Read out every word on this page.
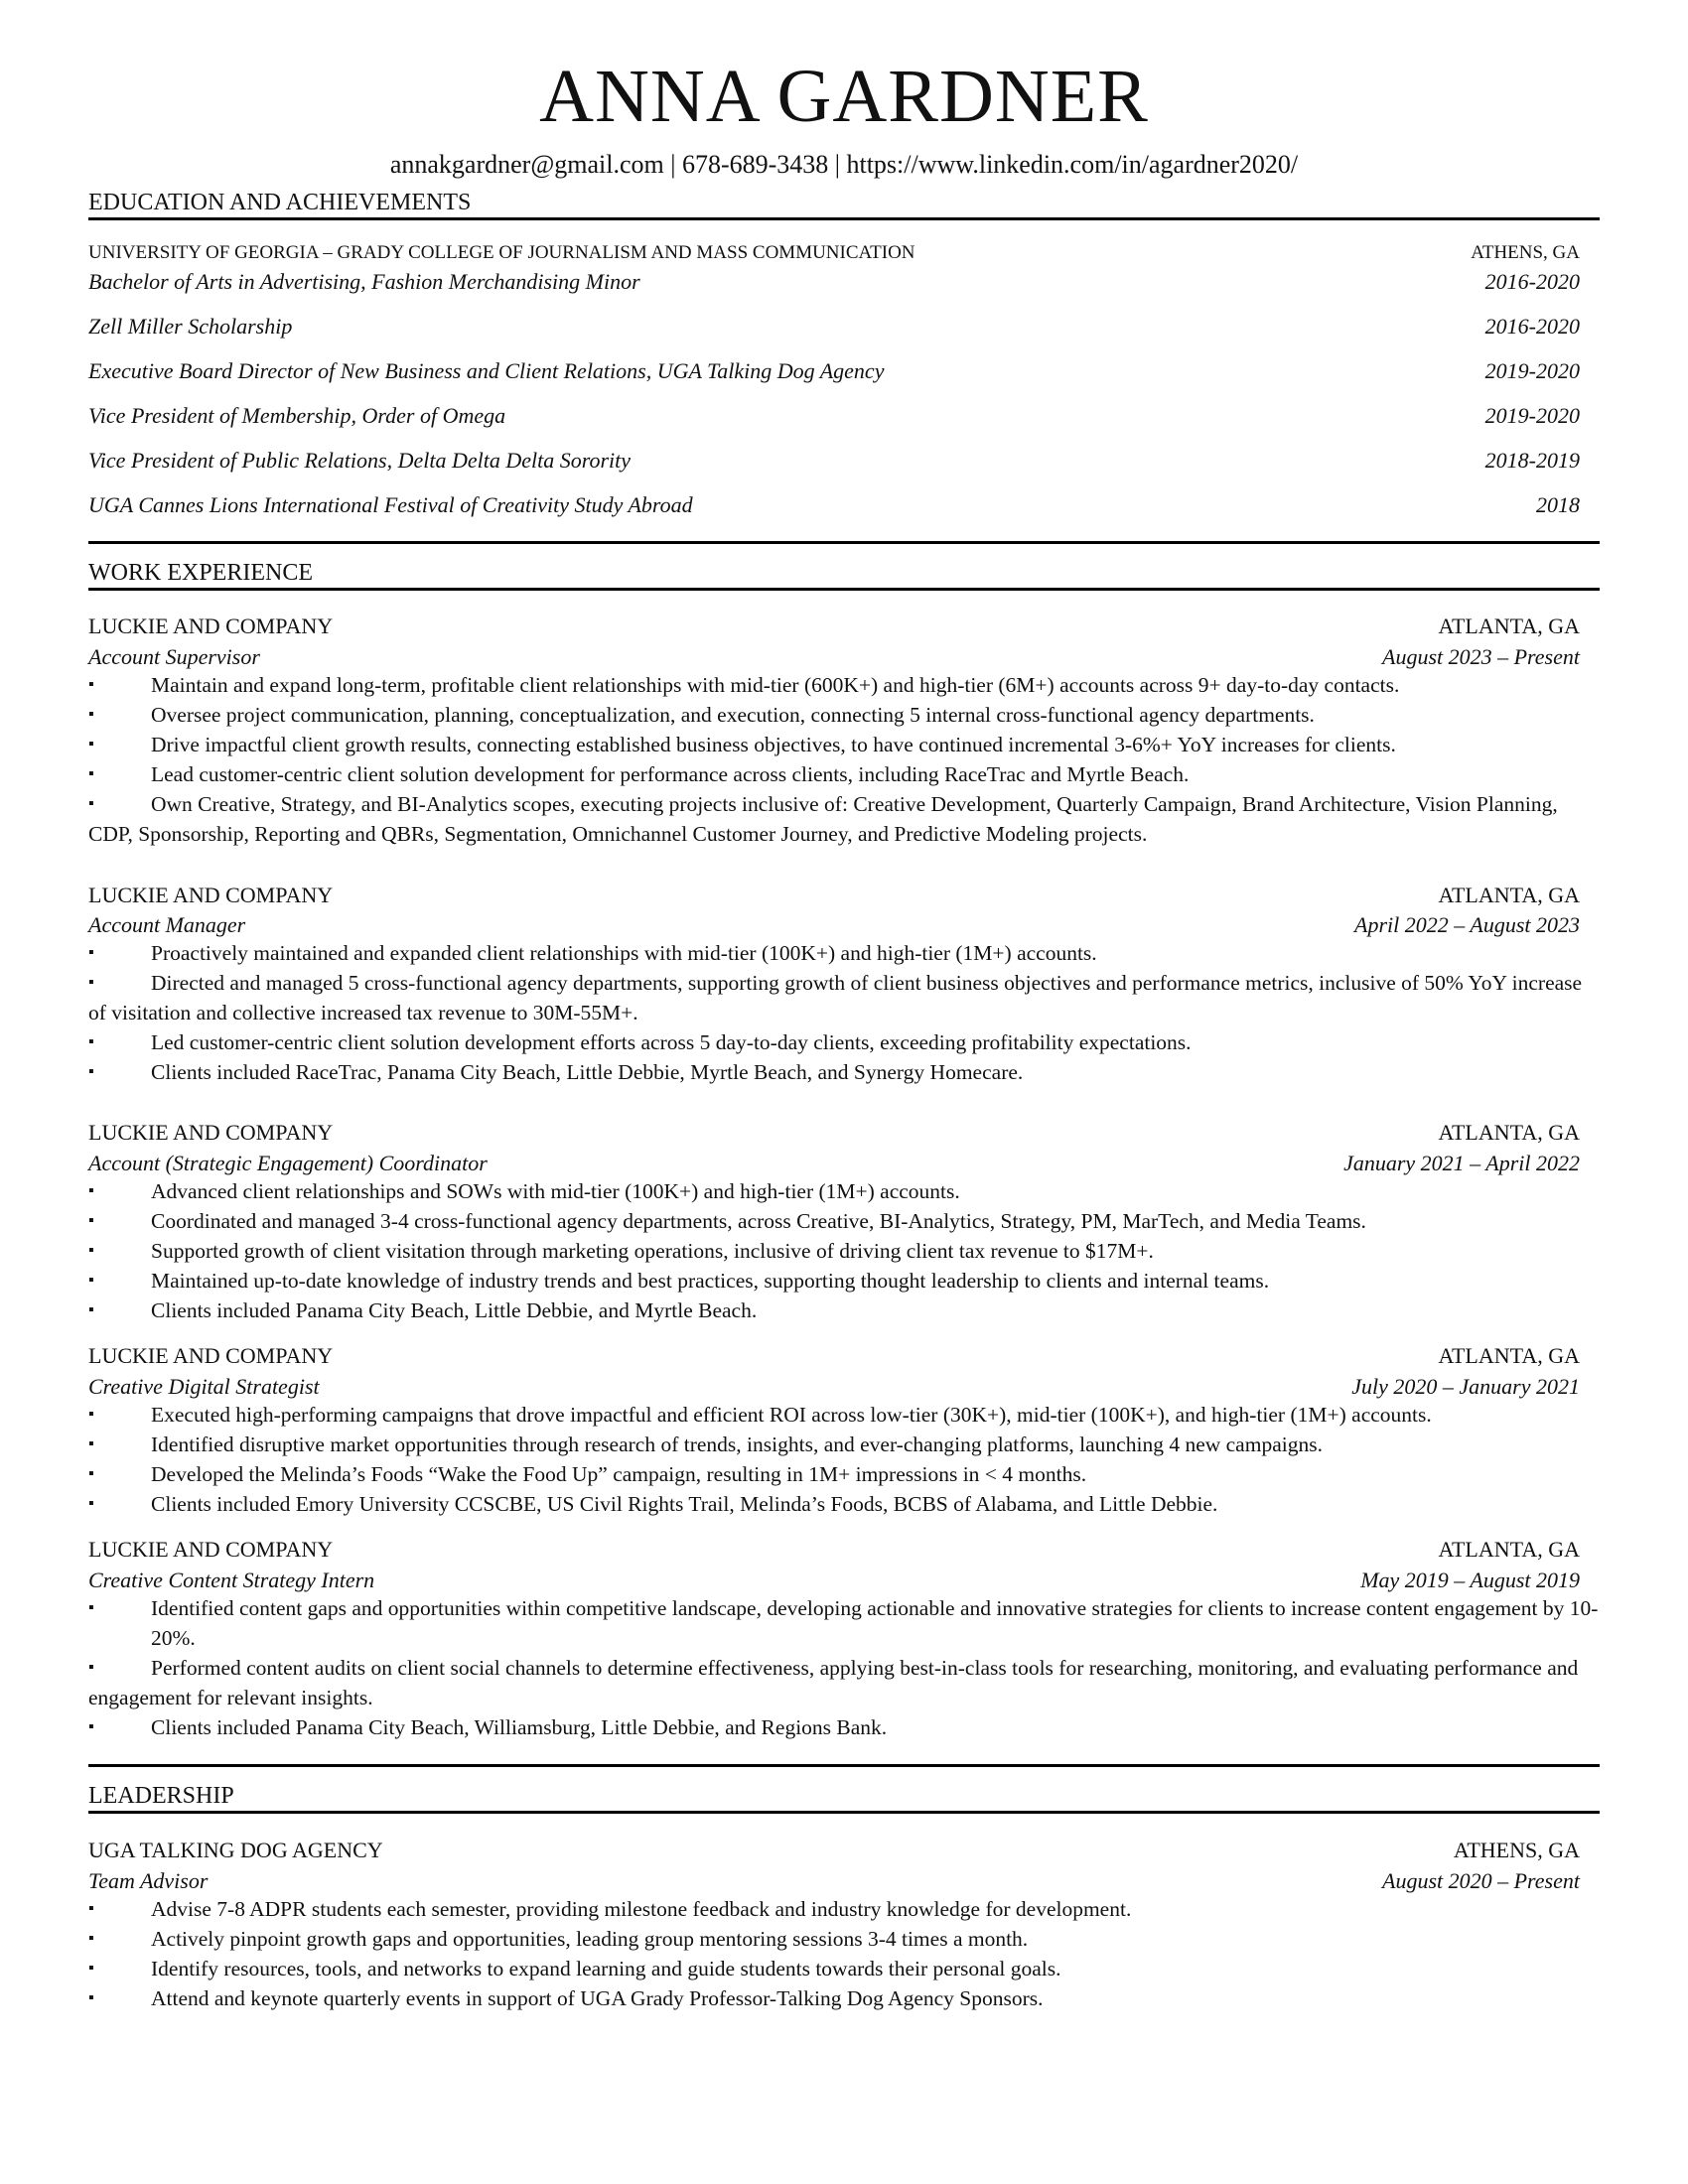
ANNA GARDNER
annakgardner@gmail.com | 678-689-3438 | https://www.linkedin.com/in/agardner2020/
EDUCATION AND ACHIEVEMENTS
UNIVERSITY OF GEORGIA – GRADY COLLEGE OF JOURNALISM AND MASS COMMUNICATION	ATHENS, GA
Bachelor of Arts in Advertising, Fashion Merchandising Minor	2016-2020
Zell Miller Scholarship	2016-2020
Executive Board Director of New Business and Client Relations, UGA Talking Dog Agency	2019-2020
Vice President of Membership, Order of Omega	2019-2020
Vice President of Public Relations, Delta Delta Delta Sorority	2018-2019
UGA Cannes Lions International Festival of Creativity Study Abroad	2018
WORK EXPERIENCE
LUCKIE AND COMPANY	ATLANTA, GA
Account Supervisor	August 2023 – Present
▪	Maintain and expand long-term, profitable client relationships with mid-tier (600K+) and high-tier (6M+) accounts across 9+ day-to-day contacts.
▪	Oversee project communication, planning, conceptualization, and execution, connecting 5 internal cross-functional agency departments.
▪	Drive impactful client growth results, connecting established business objectives, to have continued incremental 3-6%+ YoY increases for clients.
▪	Lead customer-centric client solution development for performance across clients, including RaceTrac and Myrtle Beach.
▪	Own Creative, Strategy, and BI-Analytics scopes, executing projects inclusive of: Creative Development, Quarterly Campaign, Brand Architecture, Vision Planning, CDP, Sponsorship, Reporting and QBRs, Segmentation, Omnichannel Customer Journey, and Predictive Modeling projects.
LUCKIE AND COMPANY	ATLANTA, GA
Account Manager	April 2022 – August 2023
▪	Proactively maintained and expanded client relationships with mid-tier (100K+) and high-tier (1M+) accounts.
▪	Directed and managed 5 cross-functional agency departments, supporting growth of client business objectives and performance metrics, inclusive of 50% YoY increase of visitation and collective increased tax revenue to 30M-55M+.
▪	Led customer-centric client solution development efforts across 5 day-to-day clients, exceeding profitability expectations.
▪	Clients included RaceTrac, Panama City Beach, Little Debbie, Myrtle Beach, and Synergy Homecare.
LUCKIE AND COMPANY	ATLANTA, GA
Account (Strategic Engagement) Coordinator	January 2021 – April 2022
▪	Advanced client relationships and SOWs with mid-tier (100K+) and high-tier (1M+) accounts.
▪	Coordinated and managed 3-4 cross-functional agency departments, across Creative, BI-Analytics, Strategy, PM, MarTech, and Media Teams.
▪	Supported growth of client visitation through marketing operations, inclusive of driving client tax revenue to $17M+.
▪	Maintained up-to-date knowledge of industry trends and best practices, supporting thought leadership to clients and internal teams.
▪	Clients included Panama City Beach, Little Debbie, and Myrtle Beach.
LUCKIE AND COMPANY	ATLANTA, GA
Creative Digital Strategist	July 2020 – January 2021
▪	Executed high-performing campaigns that drove impactful and efficient ROI across low-tier (30K+), mid-tier (100K+), and high-tier (1M+) accounts.
▪	Identified disruptive market opportunities through research of trends, insights, and ever-changing platforms, launching 4 new campaigns.
▪	Developed the Melinda’s Foods “Wake the Food Up” campaign, resulting in 1M+ impressions in < 4 months.
▪	Clients included Emory University CCSCBE, US Civil Rights Trail, Melinda’s Foods, BCBS of Alabama, and Little Debbie.
LUCKIE AND COMPANY	ATLANTA, GA
Creative Content Strategy Intern	May 2019 – August 2019
▪	Identified content gaps and opportunities within competitive landscape, developing actionable and innovative strategies for clients to increase content engagement by 10-20%.
▪	Performed content audits on client social channels to determine effectiveness, applying best-in-class tools for researching, monitoring, and evaluating performance and engagement for relevant insights.
▪	Clients included Panama City Beach, Williamsburg, Little Debbie, and Regions Bank.
LEADERSHIP
UGA TALKING DOG AGENCY	ATHENS, GA
Team Advisor	August 2020 – Present
▪	Advise 7-8 ADPR students each semester, providing milestone feedback and industry knowledge for development.
▪	Actively pinpoint growth gaps and opportunities, leading group mentoring sessions 3-4 times a month.
▪	Identify resources, tools, and networks to expand learning and guide students towards their personal goals.
▪	Attend and keynote quarterly events in support of UGA Grady Professor-Talking Dog Agency Sponsors.
